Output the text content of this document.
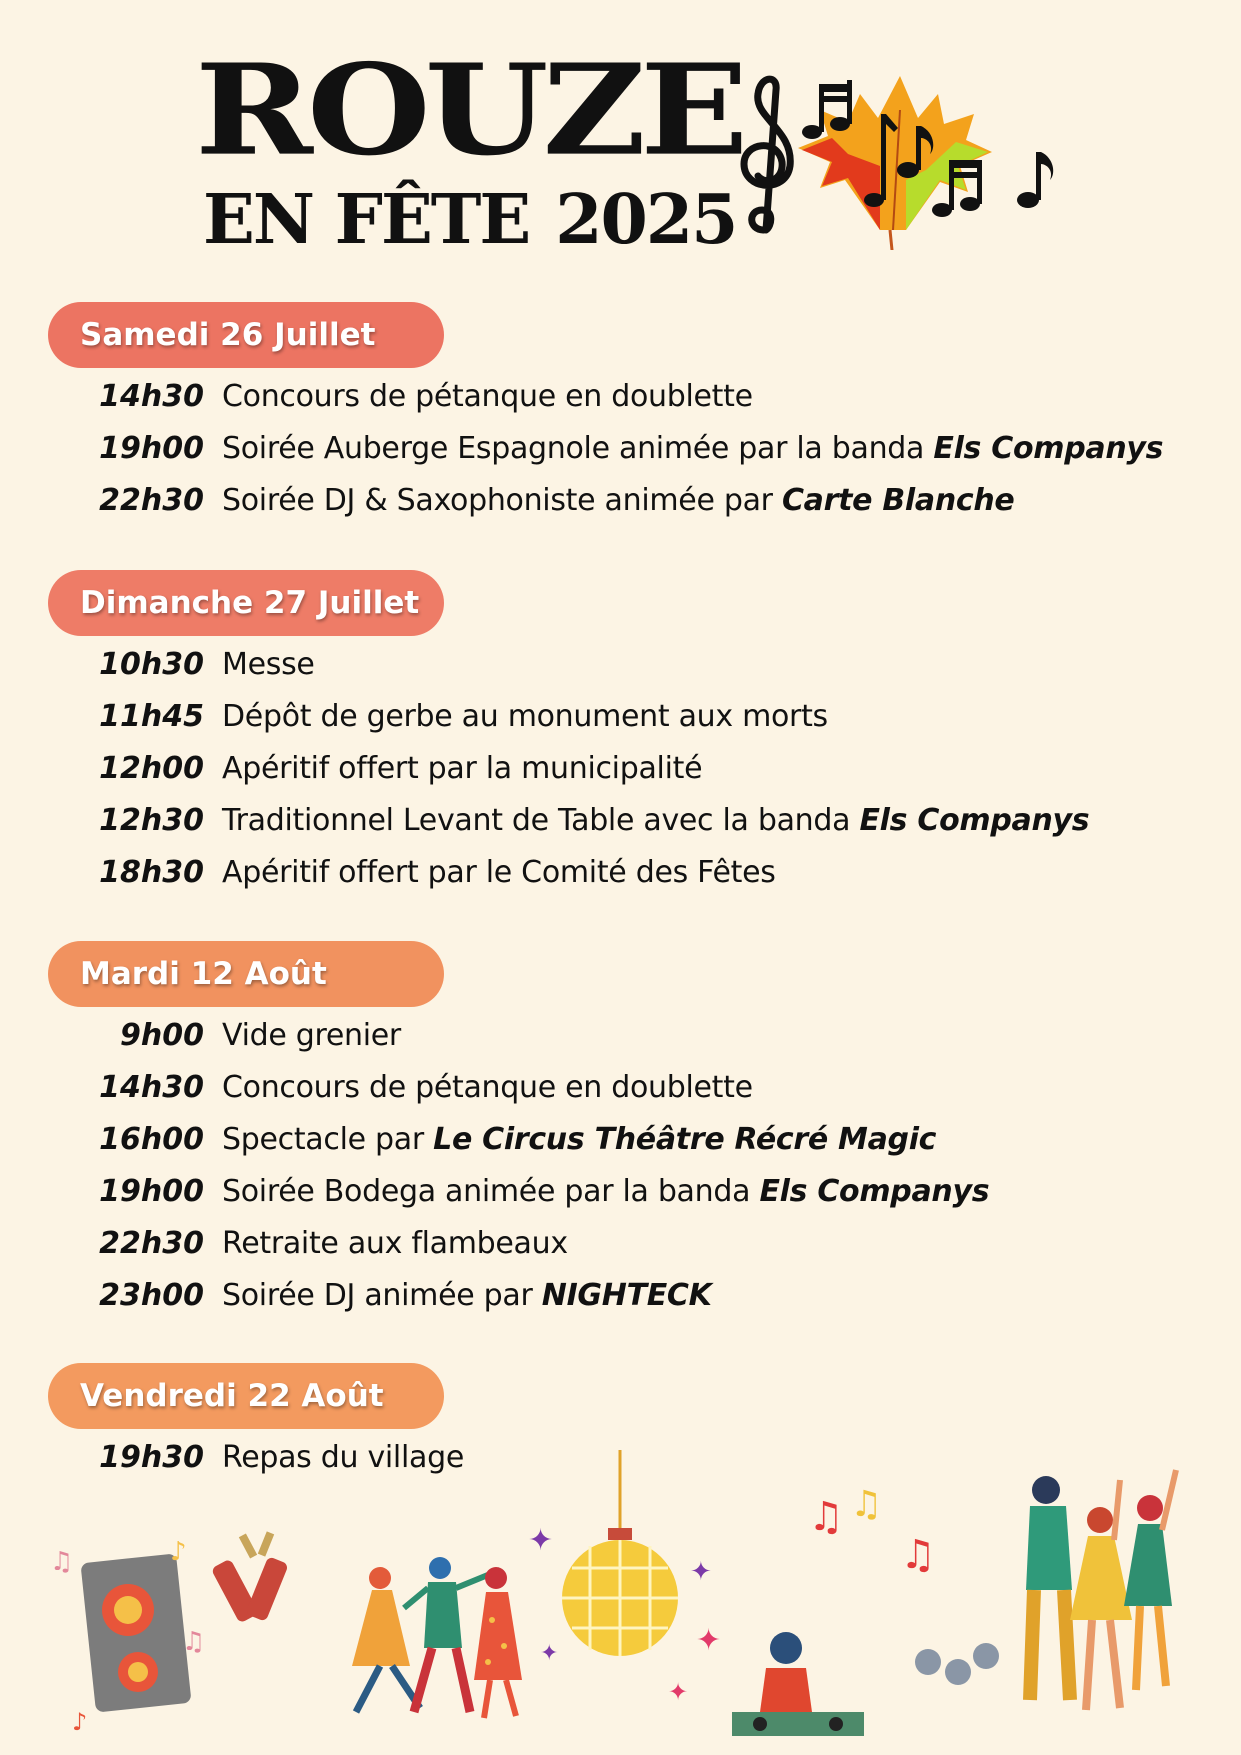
ROUZE
EN FÊTE 2025
Samedi 26 Juillet
14h30 Concours de pétanque en doublette
19h00 Soirée Auberge Espagnole animée par la banda Els Companys
22h30 Soirée DJ & Saxophoniste animée par Carte Blanche
Dimanche 27 Juillet
10h30 Messe
11h45 Dépôt de gerbe au monument aux morts
12h00 Apéritif offert par la municipalité
12h30 Traditionnel Levant de Table avec la banda Els Companys
18h30 Apéritif offert par le Comité des Fêtes
Mardi 12 Août
9h00 Vide grenier
14h30 Concours de pétanque en doublette
16h00 Spectacle par Le Circus Théâtre Récré Magic
19h00 Soirée Bodega animée par la banda Els Companys
22h30 Retraite aux flambeaux
23h00 Soirée DJ animée par NIGHTECK
Vendredi 22 Août
19h30 Repas du village
♫	♪
♫
♪
✦
✦
✦
✦
✦
♫ ♫
♫
